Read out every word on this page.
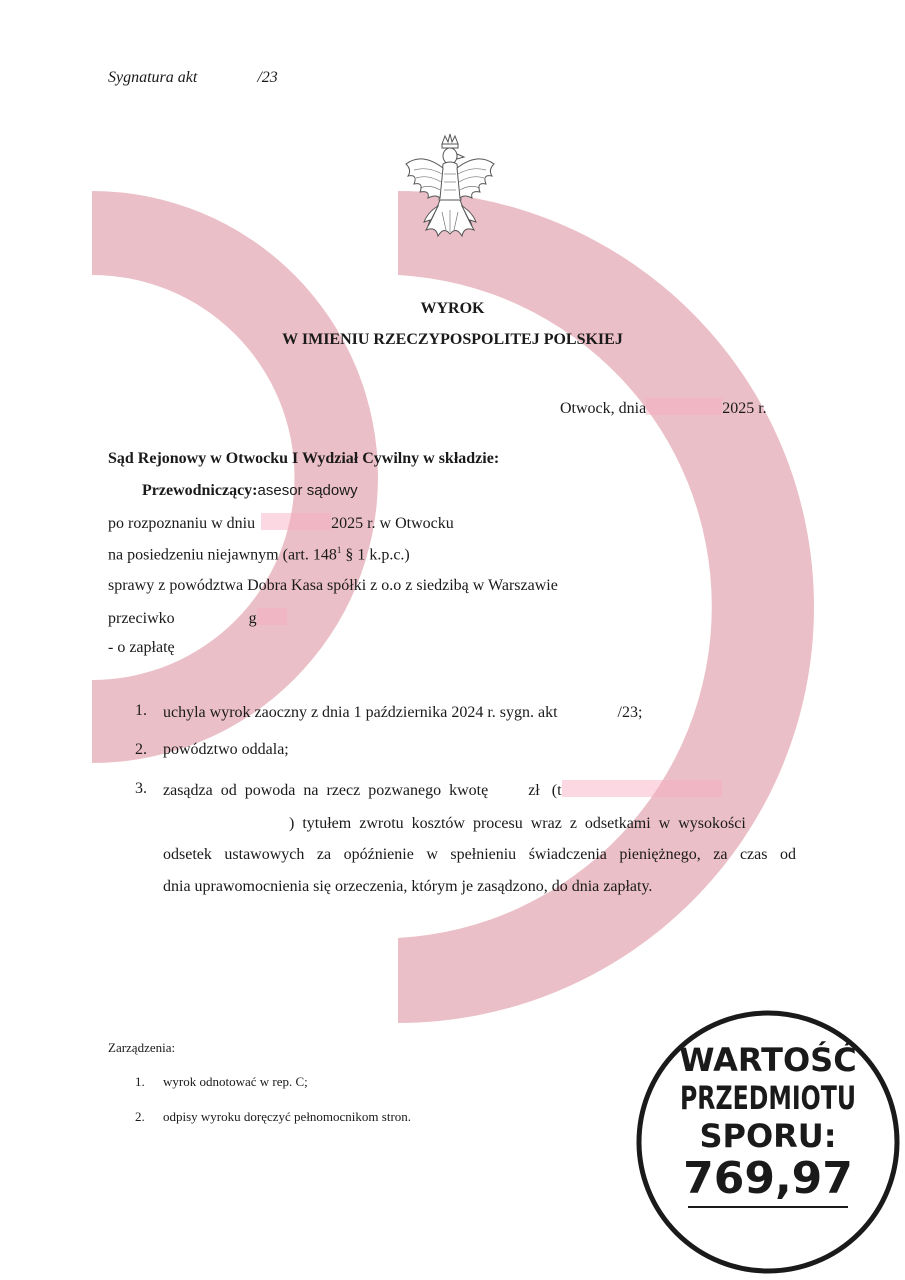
Sygnatura akt	/23
WYROK
W IMIENIU RZECZYPOSPOLITEJ POLSKIEJ
Otwock, dnia	2025 r.
Sąd Rejonowy w Otwocku I Wydział Cywilny w składzie:
Przewodniczący:asesor sądowy
po rozpoznaniu w dniu	2025 r. w Otwocku
na posiedzeniu niejawnym (art. $148^1$ § 1 k.p.c.)
sprawy z powództwa Dobra Kasa spółki z o.o z siedzibą w Warszawie
przeciwko	g
- o zapłatę
1. uchyla wyrok zaoczny z dnia 1 października 2024 r. sygn. akt	/23;
2. powództwo oddala;
3. zasądza  od  powoda  na  rzecz  pozwanego  kwotę	zł   (t
)  tytułem  zwrotu  kosztów  procesu  wraz  z  odsetkami  w  wysokości
odsetek ustawowych za opóźnienie w spełnieniu świadczenia pieniężnego, za czas od
dnia uprawomocnienia się orzeczenia, którym je zasądzono, do dnia zapłaty.
Zarządzenia:
1. wyrok odnotować w rep. C;
2. odpisy wyroku doręczyć pełnomocnikom stron.
WARTOŚĆ
PRZEDMIOTU
SPORU:
769,97
